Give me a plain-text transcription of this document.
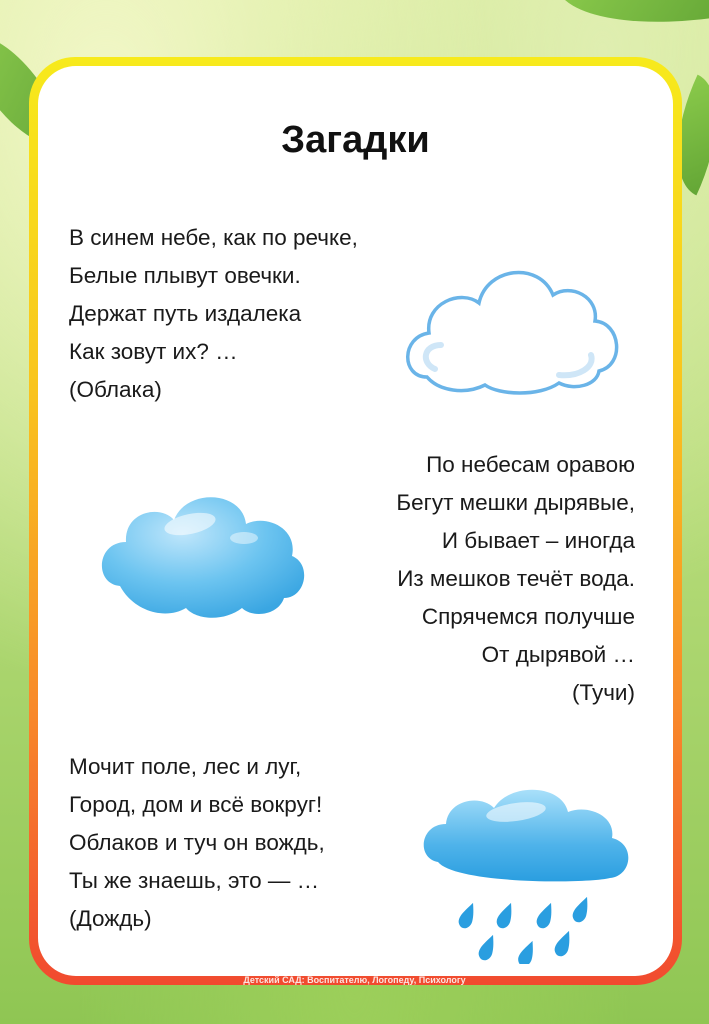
Загадки
В синем небе, как по речке,
Белые плывут овечки.
Держат путь издалека
Как зовут их? …
(Облака)
По небесам оравою
Бегут мешки дырявые,
И бывает – иногда
Из мешков течёт вода.
Спрячемся получше
От дырявой …
(Тучи)
Мочит поле, лес и луг,
Город, дом и всё вокруг!
Облаков и туч он вождь,
Ты же знаешь, это — …
(Дождь)
Детский САД: Воспитателю, Логопеду, Психологу
